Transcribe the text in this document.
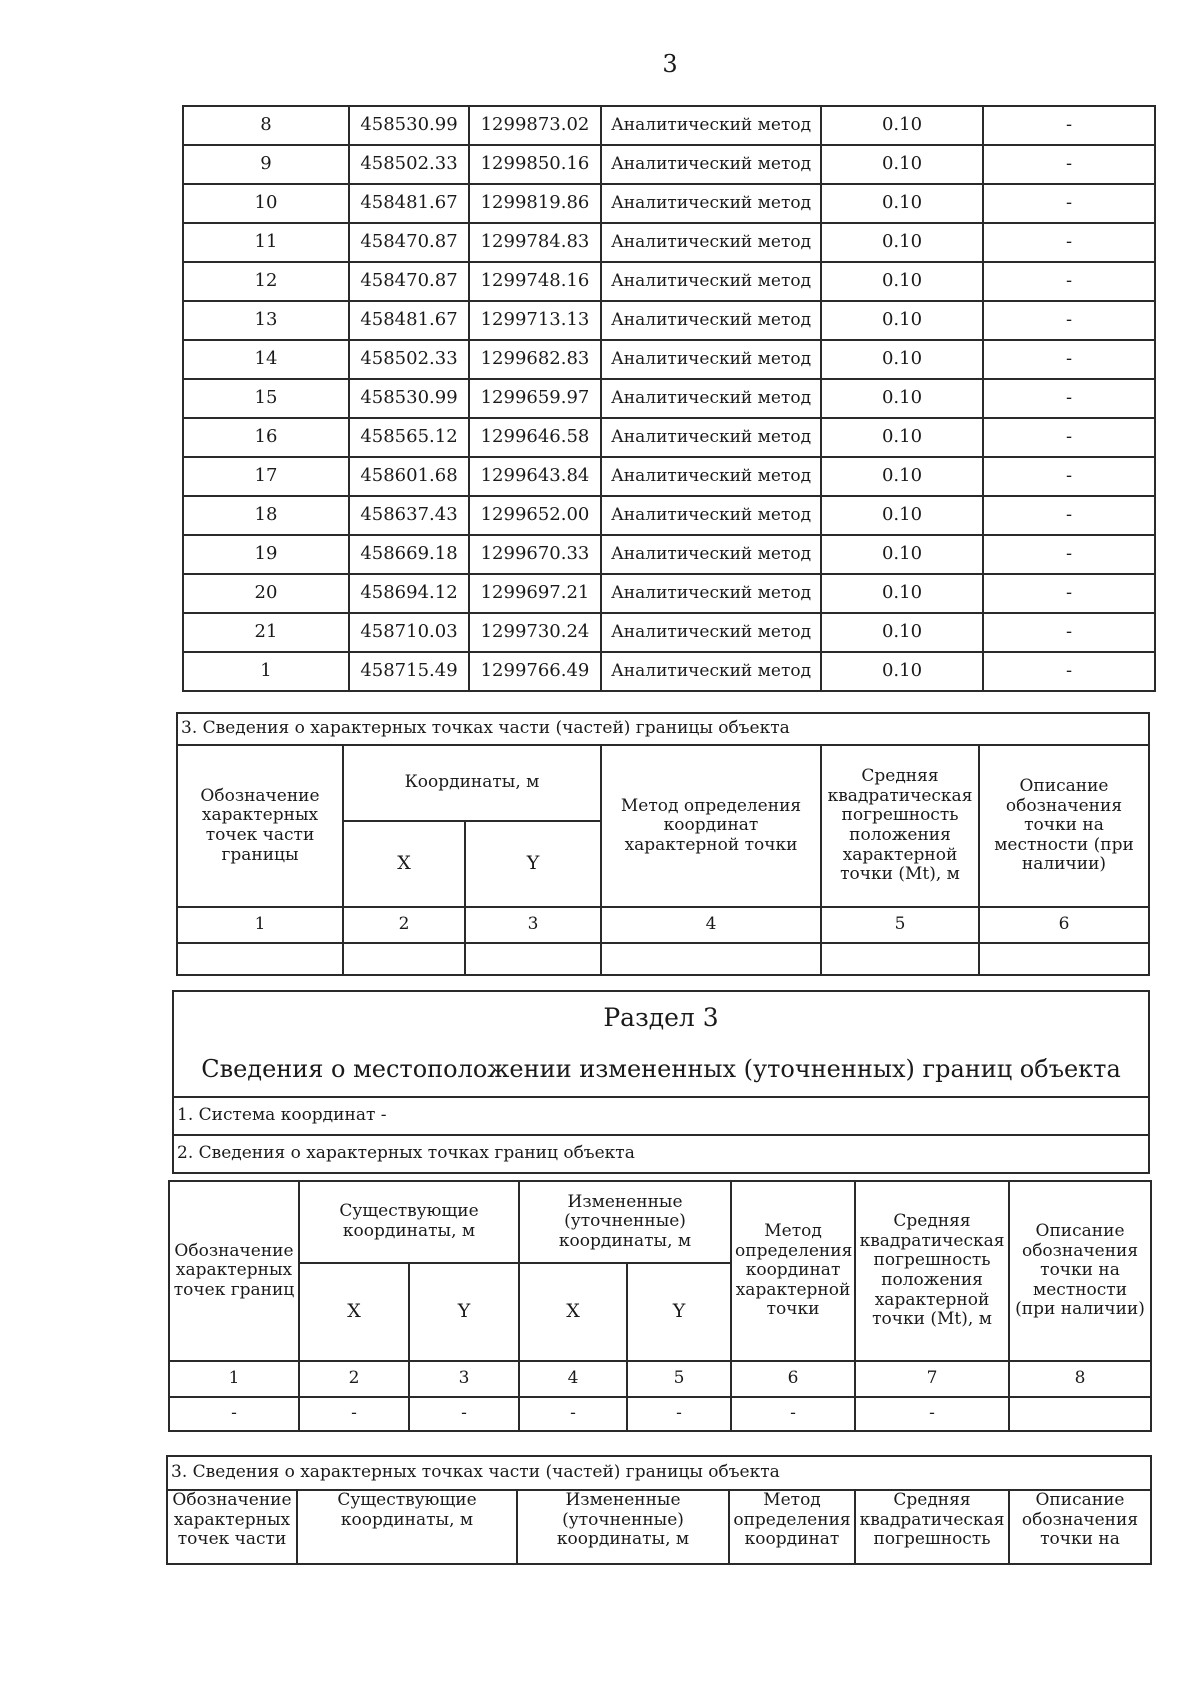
3
8	458530.99	1299873.02	Аналитический метод	0.10	-
9	458502.33	1299850.16	Аналитический метод	0.10	-
10	458481.67	1299819.86	Аналитический метод	0.10	-
11	458470.87	1299784.83	Аналитический метод	0.10	-
12	458470.87	1299748.16	Аналитический метод	0.10	-
13	458481.67	1299713.13	Аналитический метод	0.10	-
14	458502.33	1299682.83	Аналитический метод	0.10	-
15	458530.99	1299659.97	Аналитический метод	0.10	-
16	458565.12	1299646.58	Аналитический метод	0.10	-
17	458601.68	1299643.84	Аналитический метод	0.10	-
18	458637.43	1299652.00	Аналитический метод	0.10	-
19	458669.18	1299670.33	Аналитический метод	0.10	-
20	458694.12	1299697.21	Аналитический метод	0.10	-
21	458710.03	1299730.24	Аналитический метод	0.10	-
1	458715.49	1299766.49	Аналитический метод	0.10	-
3. Сведения о характерных точках части (частей) границы объекта					
Обозначение характерных точек части границы	Координаты, м		Метод определения координат характерной точки	Средняя квадратическая погрешность положения характерной точки (Mt), м	Описание обозначения точки на местности (при наличии)
	X	Y			
1	2	3	4	5	6

Раздел 3
Сведения о местоположении измененных (уточненных) границ объекта
1. Система координат -
2. Сведения о характерных точках границ объекта
Обозначение характерных точек границ	Существующие координаты, м		Измененные (уточненные) координаты, м		Метод определения координат характерной точки	Средняя квадратическая погрешность положения характерной точки (Mt), м	Описание обозначения точки на местности (при наличии)
	X	Y	X	Y			
1	2	3	4	5	6	7	8
-	-	-	-	-	-	-	
3. Сведения о характерных точках части (частей) границы объекта
Обозначение характерных точек части	Существующие координаты, м	Измененные (уточненные) координаты, м	Метод определения координат	Средняя квадратическая погрешность	Описание обозначения точки на
